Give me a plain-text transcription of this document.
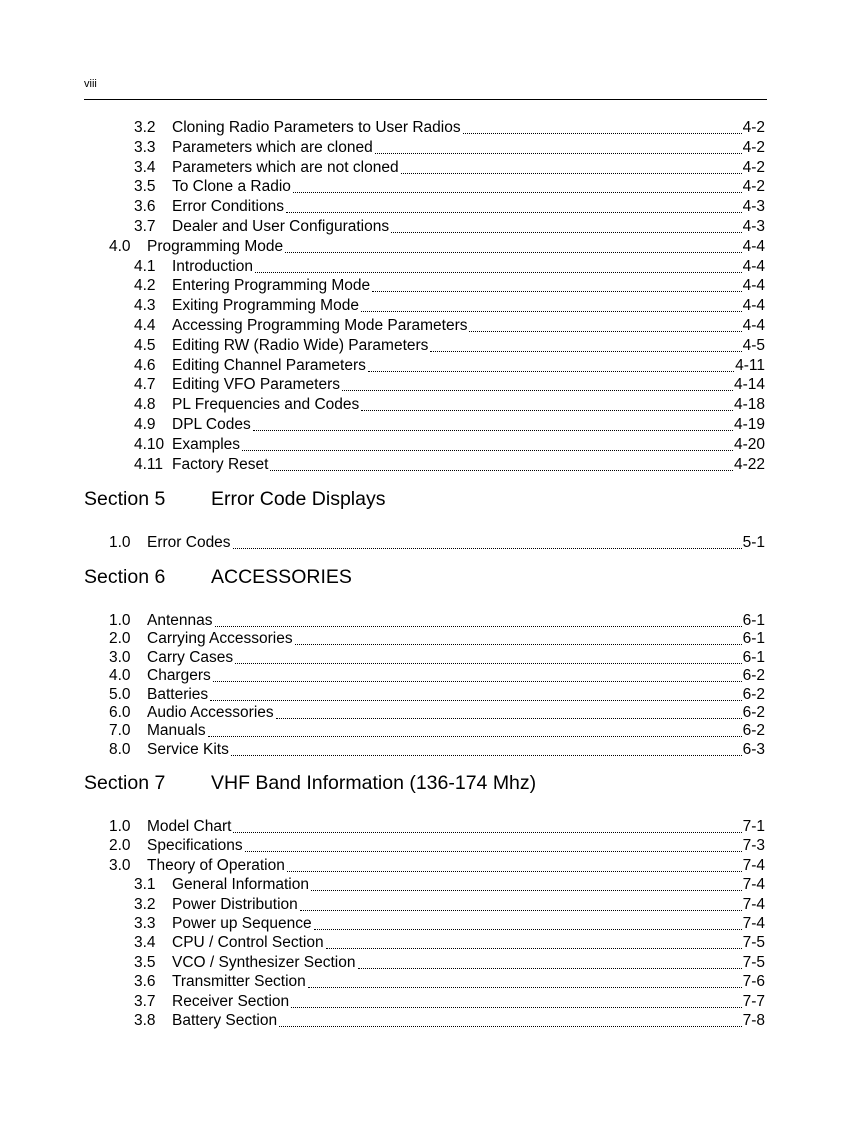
viii
3.2	Cloning Radio Parameters to User Radios	4-2
3.3	Parameters which are cloned	4-2
3.4	Parameters which are not cloned	4-2
3.5	To Clone a Radio	4-2
3.6	Error Conditions	4-3
3.7	Dealer and User Configurations	4-3
4.0	Programming Mode	4-4
4.1	Introduction	4-4
4.2	Entering Programming Mode	4-4
4.3	Exiting Programming Mode	4-4
4.4	Accessing Programming Mode Parameters	4-4
4.5	Editing RW (Radio Wide) Parameters	4-5
4.6	Editing Channel Parameters	4-11
4.7	Editing VFO Parameters	4-14
4.8	PL Frequencies and Codes	4-18
4.9	DPL Codes	4-19
4.10 Examples	4-20
4.11 Factory Reset	4-22
Section 5 Error Code Displays
1.0	Error Codes	5-1
Section 6 ACCESSORIES
1.0	Antennas	6-1
2.0	Carrying Accessories	6-1
3.0	Carry Cases	6-1
4.0	Chargers	6-2
5.0	Batteries	6-2
6.0	Audio Accessories	6-2
7.0	Manuals	6-2
8.0	Service Kits	6-3
Section 7 VHF Band Information (136-174 Mhz)
1.0	Model Chart	7-1
2.0	Specifications	7-3
3.0	Theory of Operation	7-4
3.1	General Information	7-4
3.2	Power Distribution	7-4
3.3	Power up Sequence	7-4
3.4	CPU / Control Section	7-5
3.5	VCO / Synthesizer Section	7-5
3.6	Transmitter Section	7-6
3.7	Receiver Section	7-7
3.8	Battery Section	7-8
